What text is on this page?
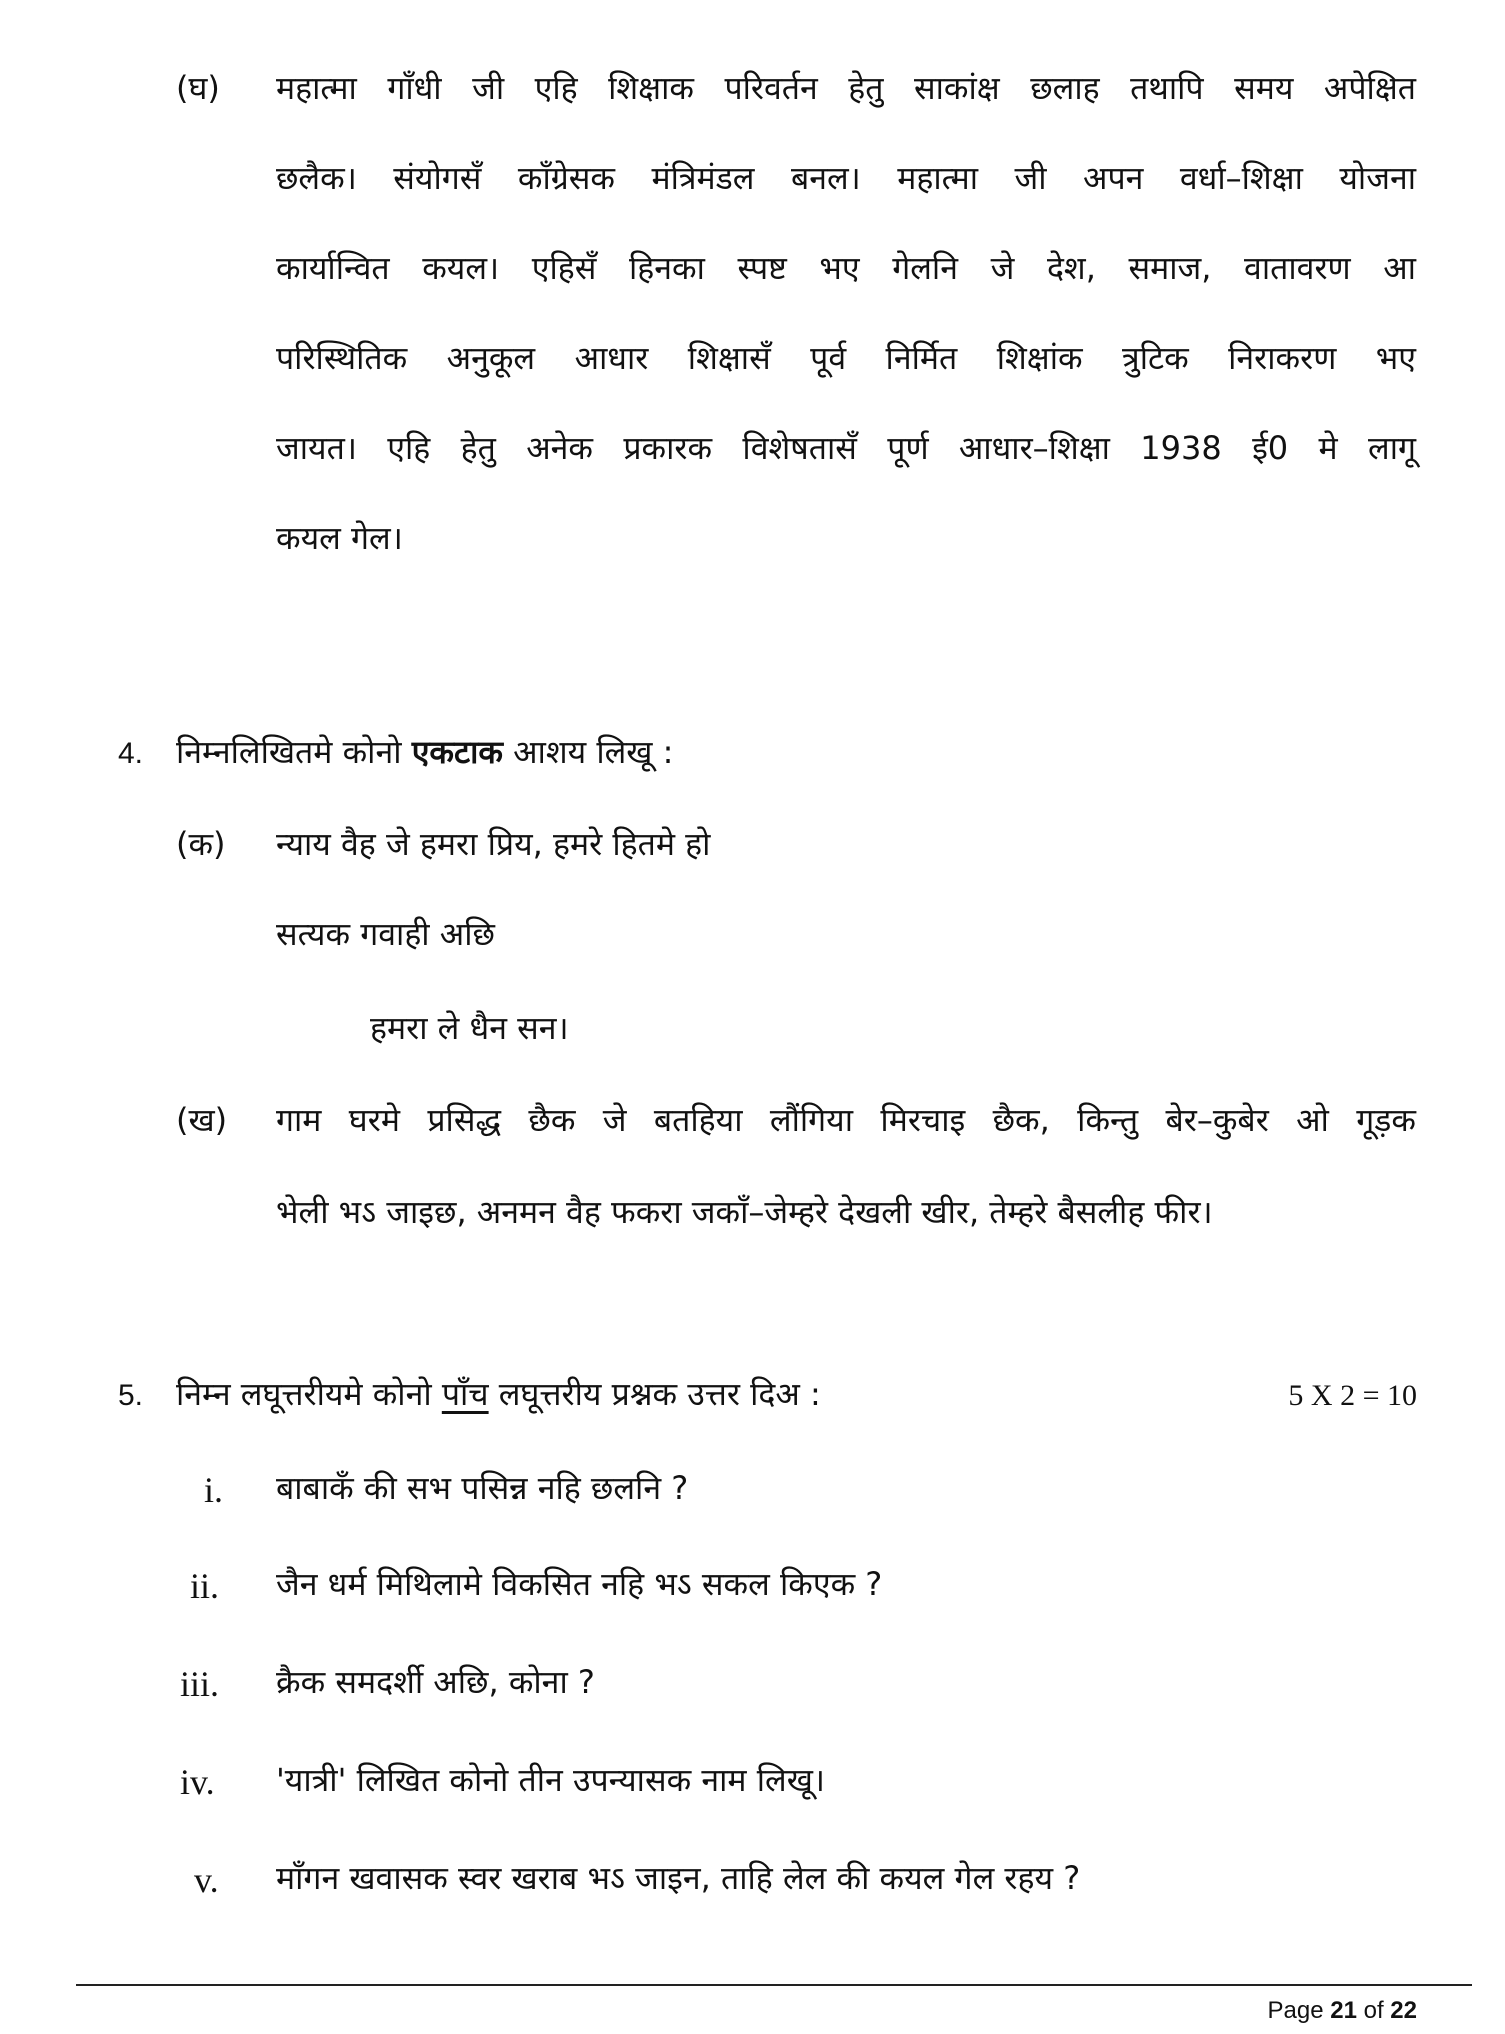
(घ) महात्मा गाँधी जी एहि शिक्षाक परिवर्तन हेतु साकांक्ष छलाह तथापि समय अपेक्षित
छलैक। संयोगसँ कॉंग्रेसक मंत्रिमंडल बनल। महात्मा जी अपन वर्धा–शिक्षा योजना
कार्यान्वित कयल। एहिसँ हिनका स्पष्ट भए गेलनि जे देश, समाज, वातावरण आ
परिस्थितिक अनुकूल आधार शिक्षासँ पूर्व निर्मित शिक्षांक त्रुटिक निराकरण भए
जायत। एहि हेतु अनेक प्रकारक विशेषतासँ पूर्ण आधार–शिक्षा 1938 ई0 मे लागू
कयल गेल।
4. निम्नलिखितमे कोनो एकटाक आशय लिखू :
(क) न्याय वैह जे हमरा प्रिय, हमरे हितमे हो
सत्यक गवाही अछि
हमरा ले धैन सन।
(ख) गाम घरमे प्रसिद्ध छैक जे बतहिया लौंगिया मिरचाइ छैक, किन्तु बेर–कुबेर ओ गूड़क
भेली भऽ जाइछ, अनमन वैह फकरा जकाँ–जेम्हरे देखली खीर, तेम्हरे बैसलीह फीर।
5. निम्न लघूत्तरीयमे कोनो पाँच लघूत्तरीय प्रश्नक उत्तर दिअ :	5 X 2 = 10
i. बाबाकँ की सभ पसिन्न नहि छलनि ?
ii. जैन धर्म मिथिलामे विकसित नहि भऽ सकल किएक ?
iii. क्रैक समदर्शी अछि, कोना ?
iv. 'यात्री' लिखित कोनो तीन उपन्यासक नाम लिखू।
v. माँगन खवासक स्वर खराब भऽ जाइन, ताहि लेल की कयल गेल रहय ?
Page 21 of 22
